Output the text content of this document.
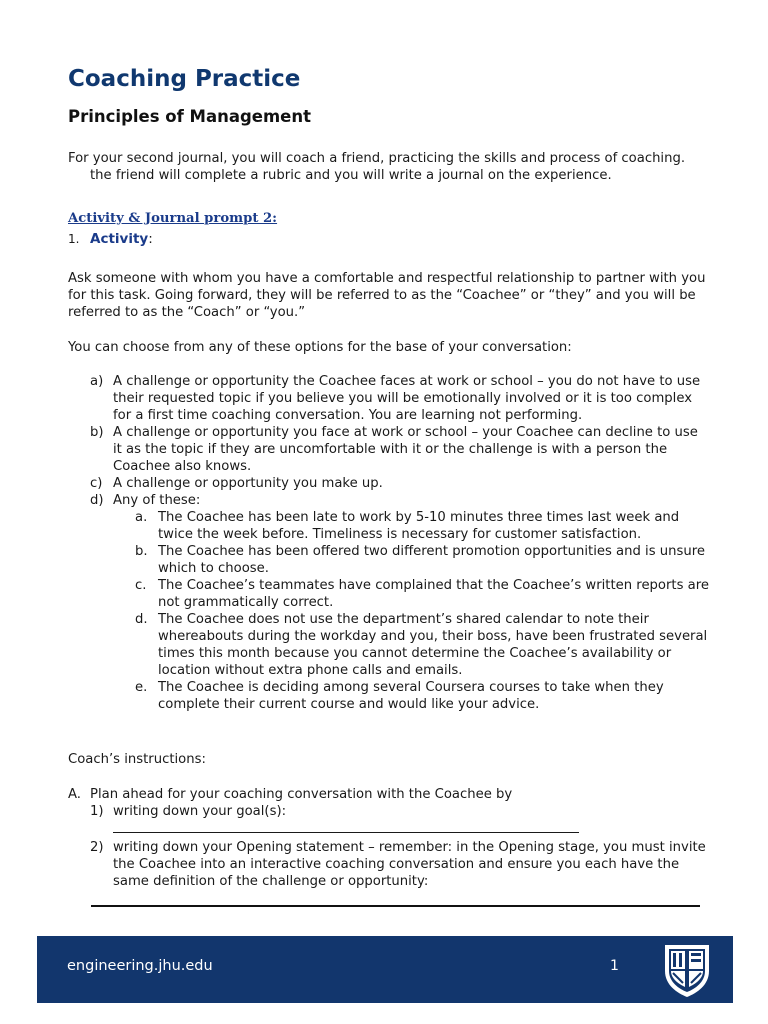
Coaching Practice
Principles of Management
For your second journal, you will coach a friend, practicing the skills and process of coaching. the friend will complete a rubric and you will write a journal on the experience.
Activity & Journal prompt 2:
1. Activity:
Ask someone with whom you have a comfortable and respectful relationship to partner with you for this task. Going forward, they will be referred to as the “Coachee” or “they” and you will be referred to as the “Coach” or “you.”
You can choose from any of these options for the base of your conversation:
a) A challenge or opportunity the Coachee faces at work or school – you do not have to use their requested topic if you believe you will be emotionally involved or it is too complex for a first time coaching conversation. You are learning not performing.
b) A challenge or opportunity you face at work or school – your Coachee can decline to use it as the topic if they are uncomfortable with it or the challenge is with a person the Coachee also knows.
c) A challenge or opportunity you make up.
d) Any of these:
a. The Coachee has been late to work by 5-10 minutes three times last week and twice the week before. Timeliness is necessary for customer satisfaction.
b. The Coachee has been offered two different promotion opportunities and is unsure which to choose.
c. The Coachee’s teammates have complained that the Coachee’s written reports are not grammatically correct.
d. The Coachee does not use the department’s shared calendar to note their whereabouts during the workday and you, their boss, have been frustrated several times this month because you cannot determine the Coachee’s availability or location without extra phone calls and emails.
e. The Coachee is deciding among several Coursera courses to take when they complete their current course and would like your advice.
Coach’s instructions:
A. Plan ahead for your coaching conversation with the Coachee by
1) writing down your goal(s):
2) writing down your Opening statement – remember: in the Opening stage, you must invite the Coachee into an interactive coaching conversation and ensure you each have the same definition of the challenge or opportunity:
engineering.jhu.edu	1
